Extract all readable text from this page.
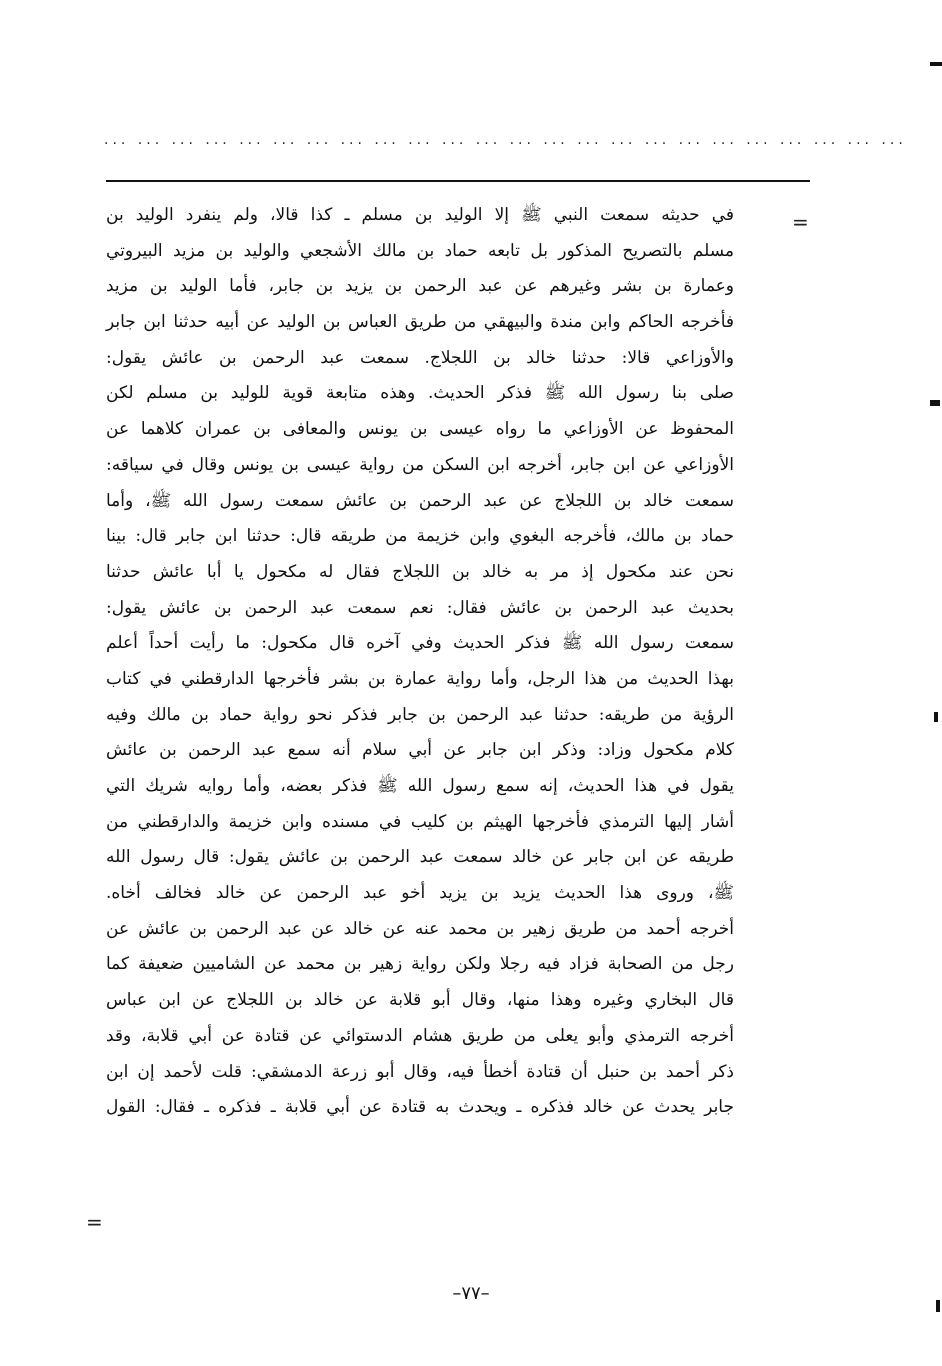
... ... ... ... ... ... ... ... ... ... ... ... ... ... ... ... ... ... ... ... ... ... ... ...
=
في حديثه سمعت النبي ﷺ إلا الوليد بن مسلم ـ كذا قالا، ولم ينفرد الوليد بن
مسلم بالتصريح المذكور بل تابعه حماد بن مالك الأشجعي والوليد بن مزيد البيروتي
وعمارة بن بشر وغيرهم عن عبد الرحمن بن يزيد بن جابر، فأما الوليد بن مزيد
فأخرجه الحاكم وابن مندة والبيهقي من طريق العباس بن الوليد عن أبيه حدثنا ابن جابر
والأوزاعي قالا: حدثنا خالد بن اللجلاج. سمعت عبد الرحمن بن عائش يقول:
صلى بنا رسول الله ﷺ فذكر الحديث. وهذه متابعة قوية للوليد بن مسلم لكن
المحفوظ عن الأوزاعي ما رواه عيسى بن يونس والمعافى بن عمران كلاهما عن
الأوزاعي عن ابن جابر، أخرجه ابن السكن من رواية عيسى بن يونس وقال في سياقه:
سمعت خالد بن اللجلاج عن عبد الرحمن بن عائش سمعت رسول الله ﷺ، وأما
حماد بن مالك، فأخرجه البغوي وابن خزيمة من طريقه قال: حدثنا ابن جابر قال: بينا
نحن عند مكحول إذ مر به خالد بن اللجلاج فقال له مكحول يا أبا عائش حدثنا
بحديث عبد الرحمن بن عائش فقال: نعم سمعت عبد الرحمن بن عائش يقول:
سمعت رسول الله ﷺ فذكر الحديث وفي آخره قال مكحول: ما رأيت أحداً أعلم
بهذا الحديث من هذا الرجل، وأما رواية عمارة بن بشر فأخرجها الدارقطني في كتاب
الرؤية من طريقه: حدثنا عبد الرحمن بن جابر فذكر نحو رواية حماد بن مالك وفيه
كلام مكحول وزاد: وذكر ابن جابر عن أبي سلام أنه سمع عبد الرحمن بن عائش
يقول في هذا الحديث، إنه سمع رسول الله ﷺ فذكر بعضه، وأما روايه شريك التي
أشار إليها الترمذي فأخرجها الهيثم بن كليب في مسنده وابن خزيمة والدارقطني من
طريقه عن ابن جابر عن خالد سمعت عبد الرحمن بن عائش يقول: قال رسول الله
ﷺ، وروى هذا الحديث يزيد بن يزيد أخو عبد الرحمن عن خالد فخالف أخاه.
أخرجه أحمد من طريق زهير بن محمد عنه عن خالد عن عبد الرحمن بن عائش عن
رجل من الصحابة فزاد فيه رجلا ولكن رواية زهير بن محمد عن الشاميين ضعيفة كما
قال البخاري وغيره وهذا منها، وقال أبو قلابة عن خالد بن اللجلاج عن ابن عباس
أخرجه الترمذي وأبو يعلى من طريق هشام الدستوائي عن قتادة عن أبي قلابة، وقد
ذكر أحمد بن حنبل أن قتادة أخطأ فيه، وقال أبو زرعة الدمشقي: قلت لأحمد إن ابن
جابر يحدث عن خالد فذكره ـ ويحدث به قتادة عن أبي قلابة ـ فذكره ـ فقال: القول
=
–٧٧–
